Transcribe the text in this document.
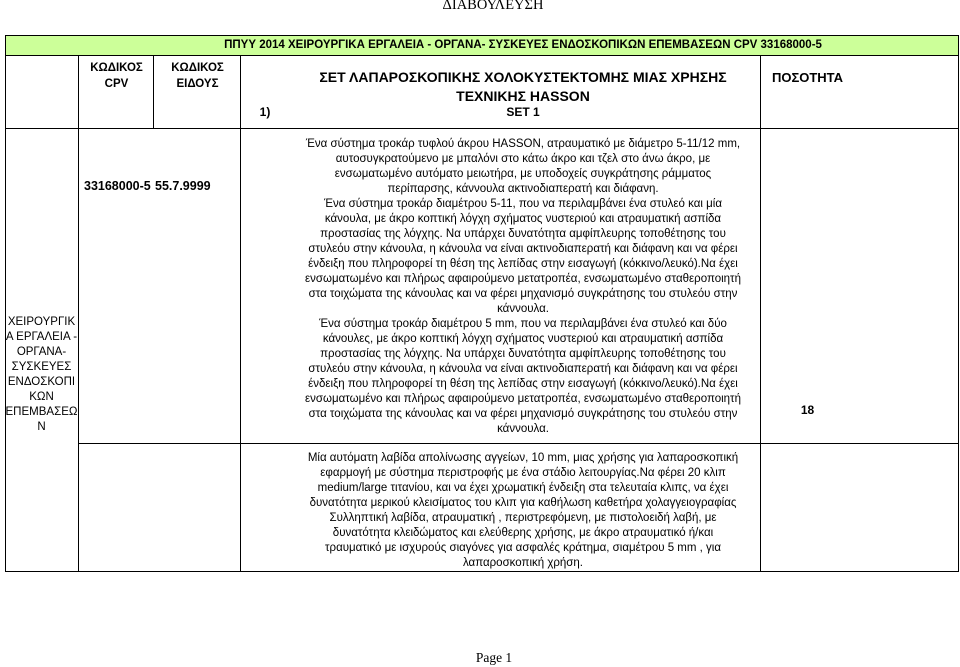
ΔΙΑΒΟΥΛΕΥΣΗ
ΠΠΥΥ 2014 ΧΕΙΡΟΥΡΓΙΚΑ ΕΡΓΑΛΕΙΑ - ΟΡΓΑΝΑ- ΣΥΣΚΕΥΕΣ ΕΝΔΟΣΚΟΠΙΚΩΝ ΕΠΕΜΒΑΣΕΩΝ CPV 33168000-5
ΚΩΔΙΚΟΣ
CPV
ΚΩΔΙΚΟΣ
ΕΙΔΟΥΣ	ΣΕΤ ΛΑΠΑΡΟΣΚΟΠΙΚΗΣ ΧΟΛΟΚΥΣΤΕΚΤΟΜΗΣ ΜΙΑΣ ΧΡΗΣΗΣ
ΤΕΧΝΙΚΗΣ HASSON
ΠΟΣΟΤΗΤΑ
1)	SET 1
ΧΕΙΡΟΥΡΓΙΚ
Α ΕΡΓΑΛΕΙΑ -
ΟΡΓΑΝΑ-
ΣΥΣΚΕΥΕΣ
ΕΝΔΟΣΚΟΠΙ
ΚΩΝ
ΕΠΕΜΒΑΣΕΩ
Ν
33168000-5 55.7.9999
18
Ένα σύστημα τροκάρ τυφλού άκρου HASSON, ατραυματικό με διάμετρο 5-11/12 mm,
αυτοσυγκρατούμενο με μπαλόνι στο κάτω άκρο και τζελ στο άνω άκρο, με
ενσωματωμένο αυτόματο μειωτήρα, με υποδοχείς συγκράτησης ράμματος
περίπαρσης, κάννουλα ακτινοδιαπερατή και διάφανη.
Ένα σύστημα τροκάρ διαμέτρου 5-11, που να περιλαμβάνει ένα στυλεό και μία
κάνουλα, με άκρο κοπτική λόγχη σχήματος νυστεριού και ατραυματική ασπίδα
προστασίας της λόγχης. Να υπάρχει δυνατότητα αμφίπλευρης τοποθέτησης του
στυλεόυ στην κάνουλα, η κάνουλα να είναι ακτινοδιαπερατή και διάφανη και να φέρει
ένδειξη που πληροφορεί τη θέση της λεπίδας στην εισαγωγή (κόκκινο/λευκό).Να έχει
ενσωματωμένο και πλήρως αφαιρούμενο μετατροπέα, ενσωματωμένο σταθεροποιητή
στα τοιχώματα της κάνουλας και να φέρει μηχανισμό συγκράτησης του στυλεόυ στην
κάννουλα.
Ένα σύστημα τροκάρ διαμέτρου 5 mm, που να περιλαμβάνει ένα στυλεό και δύο
κάνουλες, με άκρο κοπτική λόγχη σχήματος νυστεριού και ατραυματική ασπίδα
προστασίας της λόγχης. Να υπάρχει δυνατότητα αμφίπλευρης τοποθέτησης του
στυλεόυ στην κάνουλα, η κάνουλα να είναι ακτινοδιαπερατή και διάφανη και να φέρει
ένδειξη που πληροφορεί τη θέση της λεπίδας στην εισαγωγή (κόκκινο/λευκό).Να έχει
ενσωματωμένο και πλήρως αφαιρούμενο μετατροπέα, ενσωματωμένο σταθεροποιητή
στα τοιχώματα της κάνουλας και να φέρει μηχανισμό συγκράτησης του στυλεόυ στην
κάννουλα.
Μία αυτόματη λαβίδα απολίνωσης αγγείων, 10 mm, μιας χρήσης για λαπαροσκοπική
εφαρμογή με σύστημα περιστροφής με ένα στάδιο λειτουργίας.Να φέρει 20 κλιπ
medium/large τιτανίου, και να έχει χρωματική ένδειξη στα τελευταία κλιπς, να έχει
δυνατότητα μερικού κλεισίματος του κλιπ για καθήλωση καθετήρα χολαγγειογραφίας
Συλληπτική λαβίδα, ατραυματική , περιστρεφόμενη, με πιστολοειδή λαβή, με
δυνατότητα κλειδώματος και ελεύθερης χρήσης, με άκρο ατραυματικό ή/και
τραυματικό με ισχυρούς σιαγόνες για ασφαλές κράτημα, σιαμέτρου 5 mm , για
λαπαροσκοπική χρήση.
Page 1
